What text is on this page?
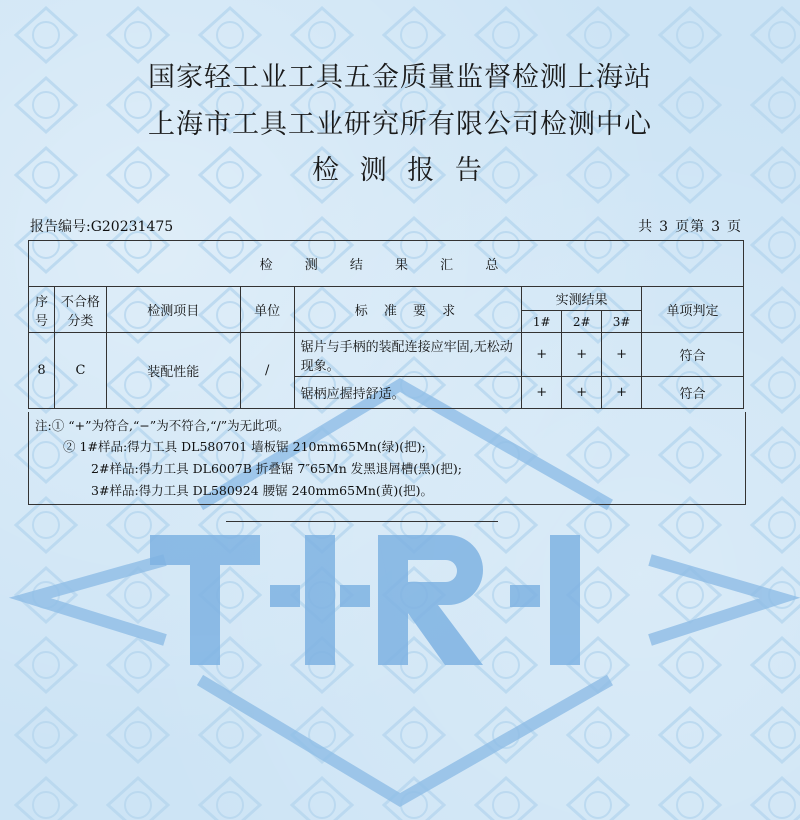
国家轻工业工具五金质量监督检测上海站
上海市工具工业研究所有限公司检测中心
检 测 报 告
报告编号:G20231475	共 3 页第 3 页
检 测 结 果 汇 总								
序号	不合格分类	检测项目	单位	标 准 要 求	实测结果			单项判定
					1#	2#	3#	
8	C	装配性能	/	锯片与手柄的装配连接应牢固,无松动现象。	+	+	+	符合
				锯柄应握持舒适。	+	+	+	符合
注:① “+”为符合,“−”为不符合,“/”为无此项。
② 1#样品:得力工具 DL580701 墙板锯 210mm65Mn(绿)(把);
2#样品:得力工具 DL6007B 折叠锯 7″65Mn 发黑退屑槽(黑)(把);
3#样品:得力工具 DL580924 腰锯 240mm65Mn(黄)(把)。
